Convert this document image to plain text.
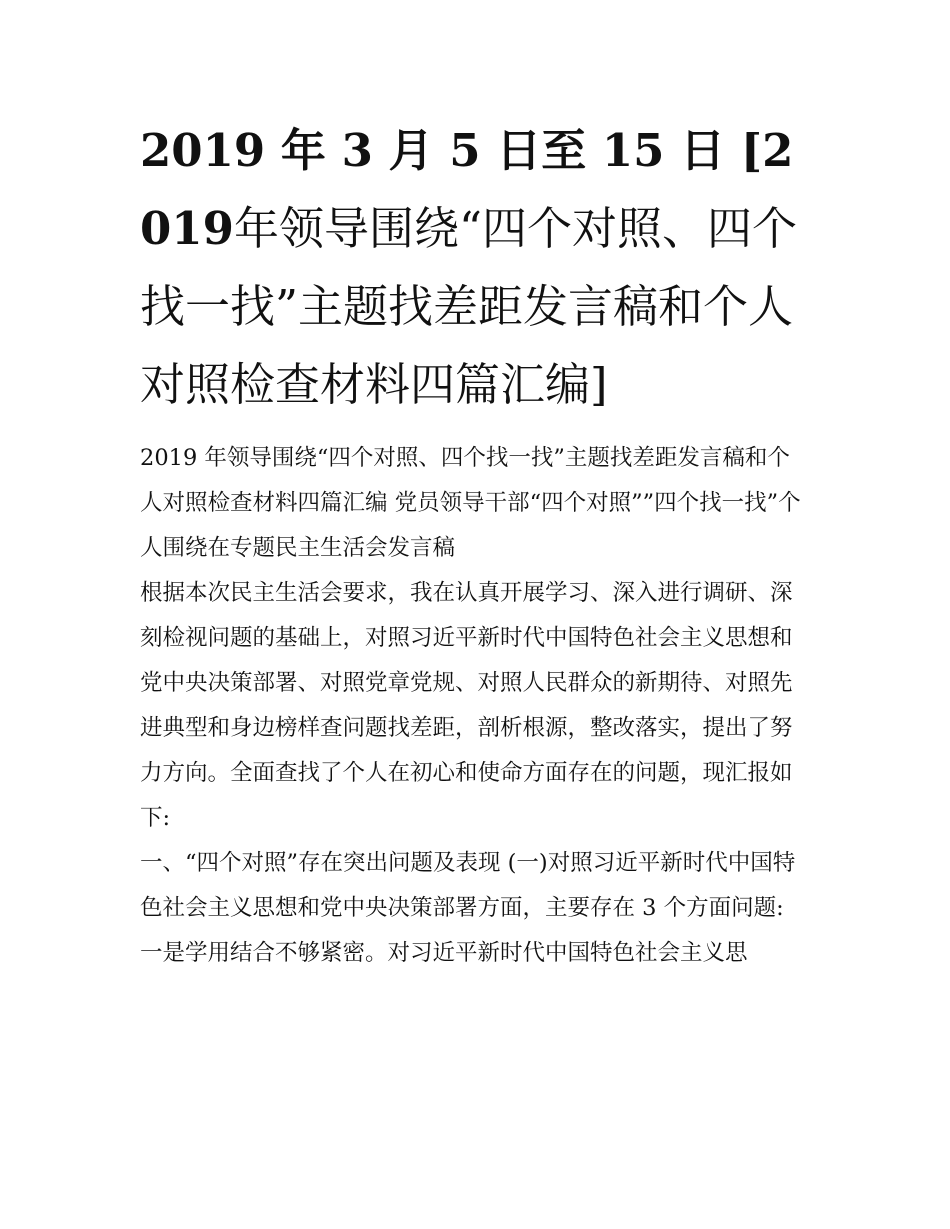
2019 年 3 月 5 日至 15 日 [2019年领导围绕“四个对照、四个找一找”主题找差距发言稿和个人对照检查材料四篇汇编]

2019 年领导围绕“四个对照、四个找一找”主题找差距发言稿和个人对照检查材料四篇汇编 党员领导干部“四个对照””四个找一找”个人围绕在专题民主生活会发言稿

根据本次民主生活会要求，我在认真开展学习、深入进行调研、深刻检视问题的基础上，对照习近平新时代中国特色社会主义思想和党中央决策部署、对照党章党规、对照人民群众的新期待、对照先进典型和身边榜样查问题找差距，剖析根源，整改落实，提出了努力方向。全面查找了个人在初心和使命方面存在的问题，现汇报如下:

一、“四个对照”存在突出问题及表现 (一)对照习近平新时代中国特色社会主义思想和党中央决策部署方面，主要存在 3 个方面问题:

一是学用结合不够紧密。对习近平新时代中国特色社会主义思
